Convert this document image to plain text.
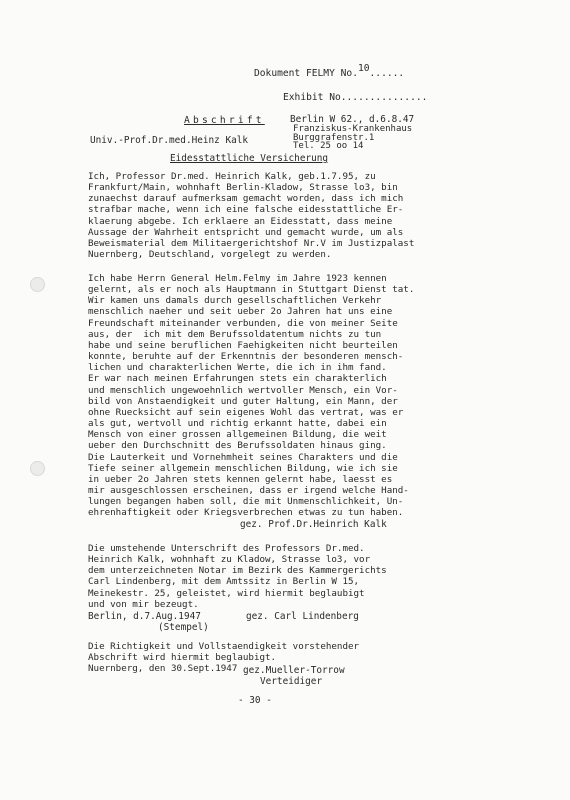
Dokument FELMY No.10......
Exhibit No...............
Abschrift	Berlin W 62., d.6.8.47
Franziskus-Krankenhaus
Burggrafenstr.1
Tel. 25 oo 14
Univ.-Prof.Dr.med.Heinz Kalk
Eidesstattliche Versicherung
Ich, Professor Dr.med. Heinrich Kalk, geb.1.7.95, zu
Frankfurt/Main, wohnhaft Berlin-Kladow, Strasse lo3, bin
zunaechst darauf aufmerksam gemacht worden, dass ich mich
strafbar mache, wenn ich eine falsche eidesstattliche Er-
klaerung abgebe. Ich erklaere an Eidesstatt, dass meine
Aussage der Wahrheit entspricht und gemacht wurde, um als
Beweismaterial dem Militaergerichtshof Nr.V im Justizpalast
Nuernberg, Deutschland, vorgelegt zu werden.
Ich habe Herrn General Helm.Felmy im Jahre 1923 kennen
gelernt, als er noch als Hauptmann in Stuttgart Dienst tat.
Wir kamen uns damals durch gesellschaftlichen Verkehr
menschlich naeher und seit ueber 2o Jahren hat uns eine
Freundschaft miteinander verbunden, die von meiner Seite
aus, der  ich mit dem Berufssoldatentum nichts zu tun
habe und seine beruflichen Faehigkeiten nicht beurteilen
konnte, beruhte auf der Erkenntnis der besonderen mensch-
lichen und charakterlichen Werte, die ich in ihm fand.
Er war nach meinen Erfahrungen stets ein charakterlich
und menschlich ungewoehnlich wertvoller Mensch, ein Vor-
bild von Anstaendigkeit und guter Haltung, ein Mann, der
ohne Ruecksicht auf sein eigenes Wohl das vertrat, was er
als gut, wertvoll und richtig erkannt hatte, dabei ein
Mensch von einer grossen allgemeinen Bildung, die weit
ueber den Durchschnitt des Berufssoldaten hinaus ging.
Die Lauterkeit und Vornehmheit seines Charakters und die
Tiefe seiner allgemein menschlichen Bildung, wie ich sie
in ueber 2o Jahren stets kennen gelernt habe, laesst es
mir ausgeschlossen erscheinen, dass er irgend welche Hand-
lungen begangen haben soll, die mit Unmenschlichkeit, Un-
ehrenhaftigkeit oder Kriegsverbrechen etwas zu tun haben.
gez. Prof.Dr.Heinrich Kalk
Die umstehende Unterschrift des Professors Dr.med.
Heinrich Kalk, wohnhaft zu Kladow, Strasse lo3, vor
dem unterzeichneten Notar im Bezirk des Kammergerichts
Carl Lindenberg, mit dem Amtssitz in Berlin W 15,
Meinekestr. 25, geleistet, wird hiermit beglaubigt
und von mir bezeugt.
Berlin, d.7.Aug.1947	gez. Carl Lindenberg
(Stempel)
Die Richtigkeit und Vollstaendigkeit vorstehender
Abschrift wird hiermit beglaubigt.
Nuernberg, den 30.Sept.1947 gez.Mueller-Torrow
Verteidiger
- 30 -
